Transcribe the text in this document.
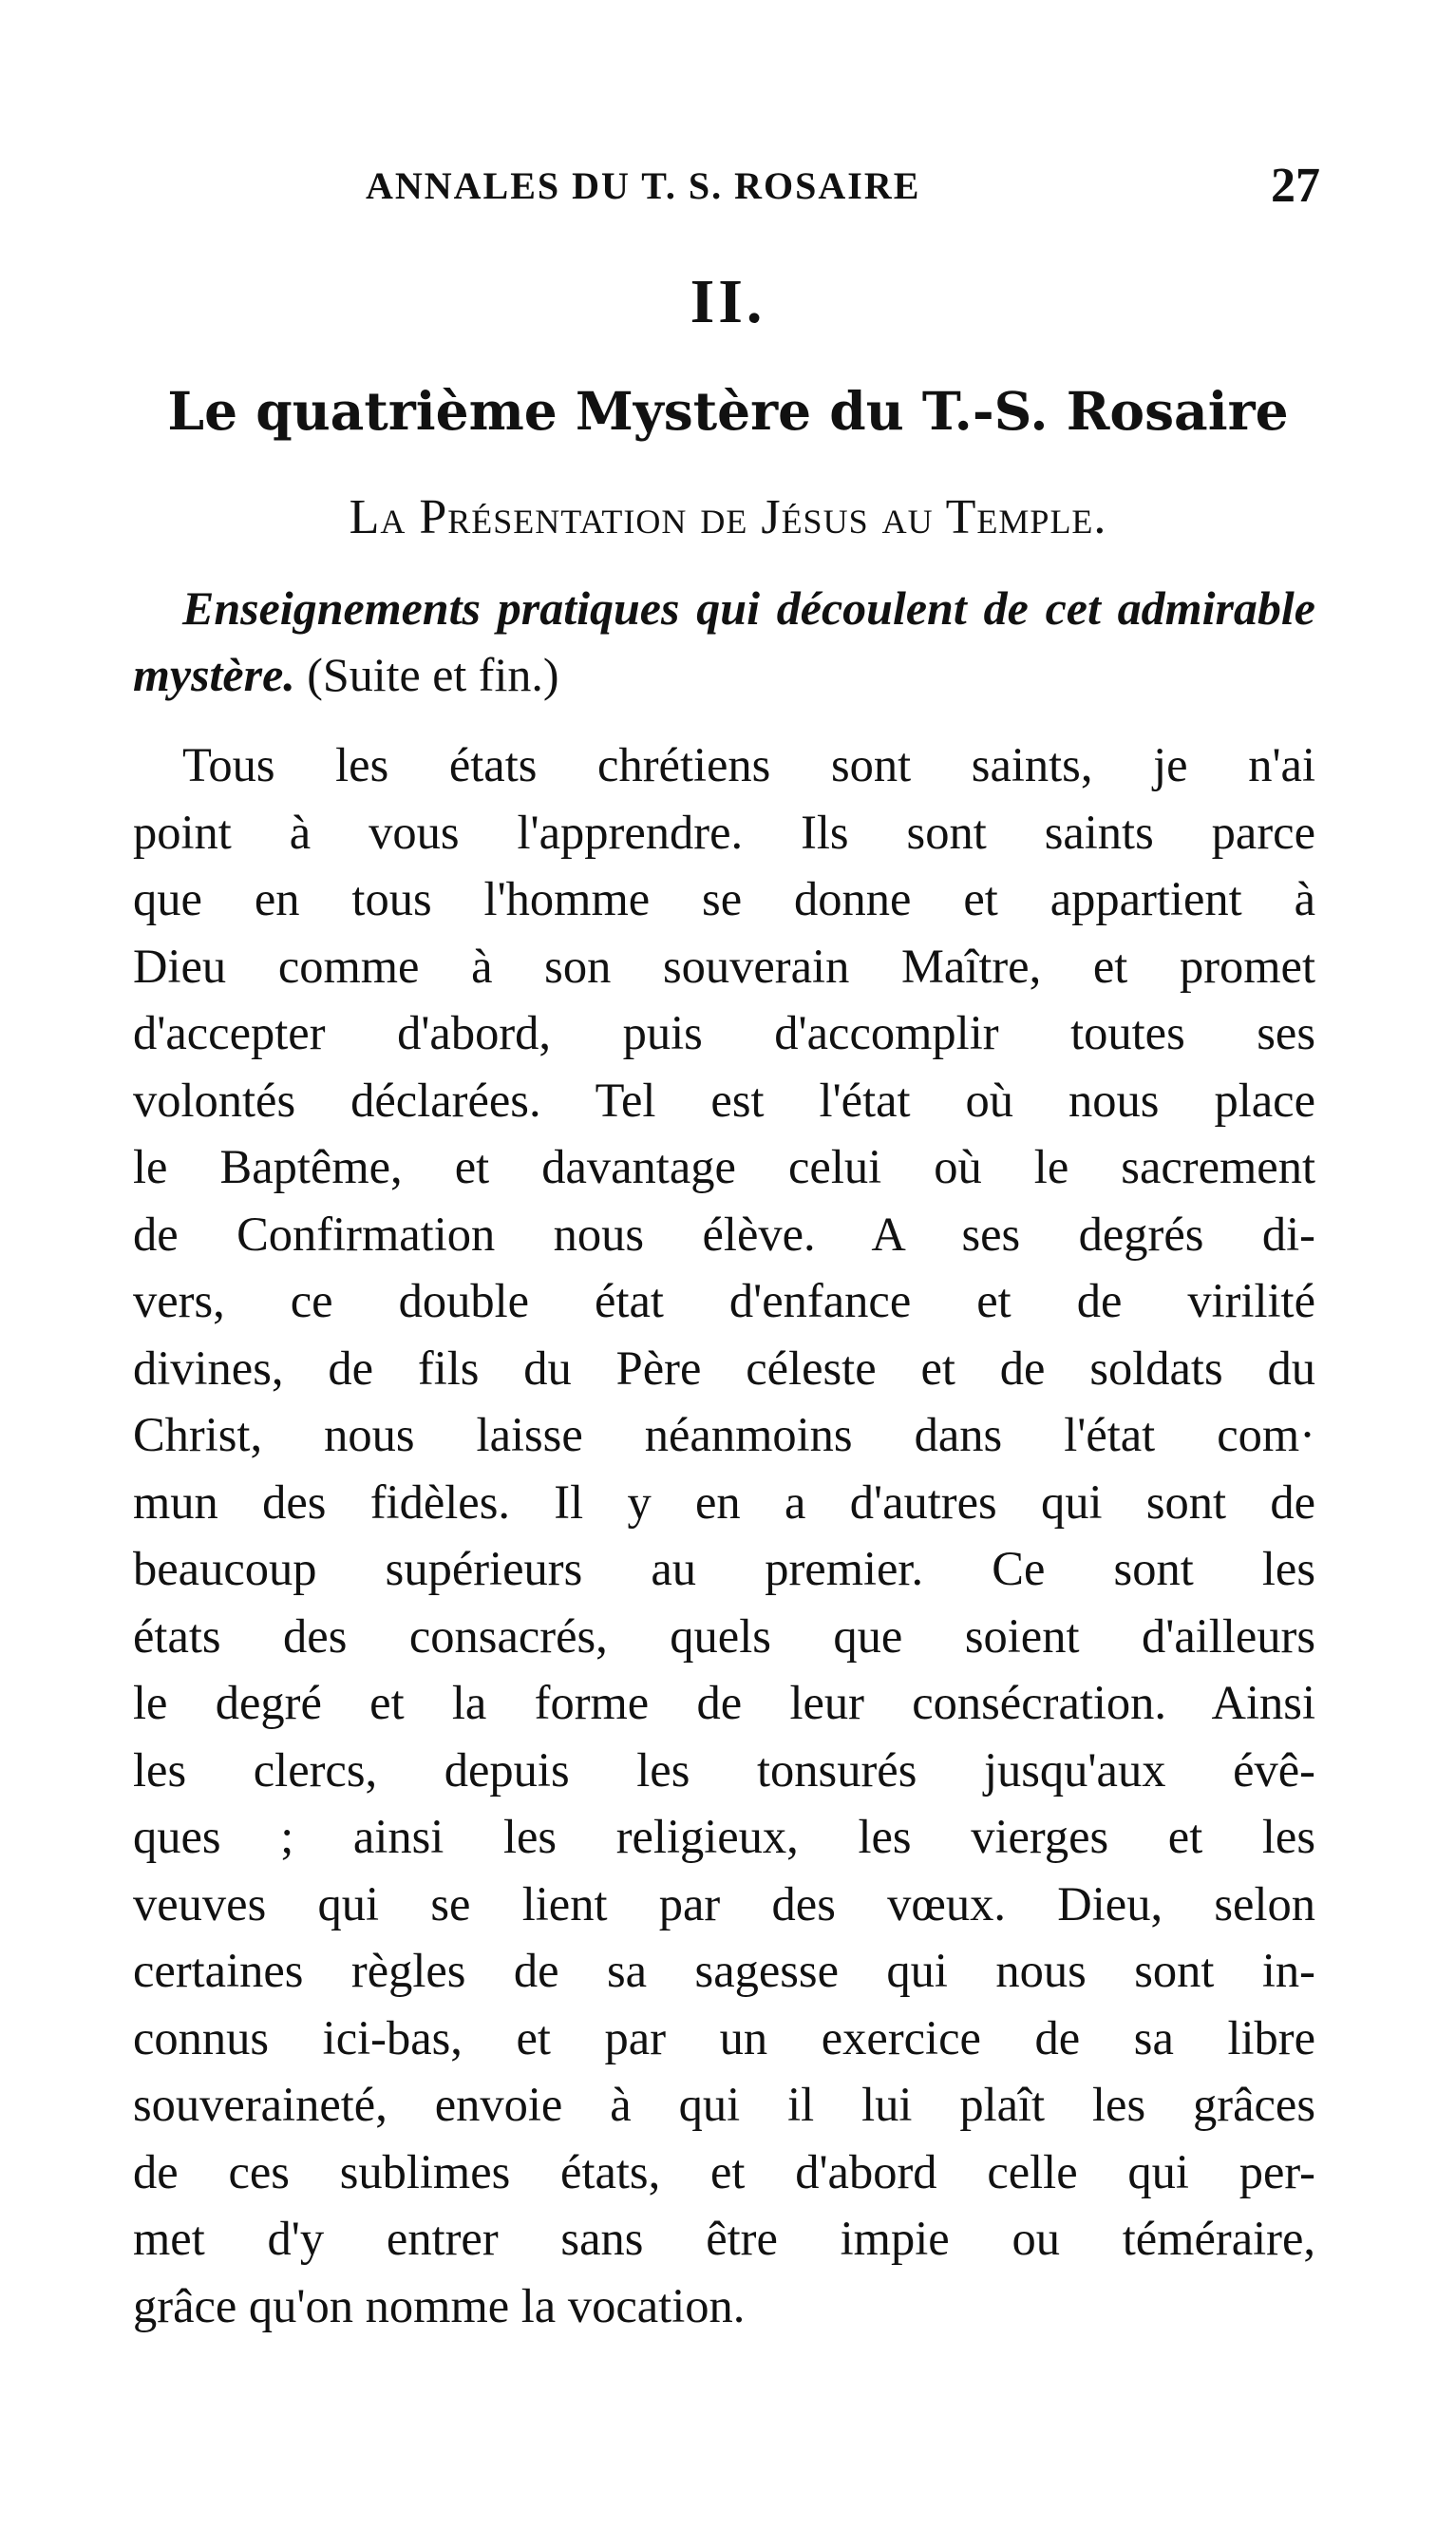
ANNALES DU T. S. ROSAIRE	27
II.
Le quatrième Mystère du T.-S. Rosaire
La Présentation de Jésus au Temple.
Enseignements pratiques qui découlent de cet admirable mystère. (Suite et fin.)
Tous les états chrétiens sont saints, je n'ai
point à vous l'apprendre. Ils sont saints parce
que en tous l'homme se donne et appartient à
Dieu comme à son souverain Maître, et promet
d'accepter d'abord, puis d'accomplir toutes ses
volontés déclarées. Tel est l'état où nous place
le Baptême, et davantage celui où le sacrement
de Confirmation nous élève. A ses degrés di-
vers, ce double état d'enfance et de virilité
divines, de fils du Père céleste et de soldats du
Christ, nous laisse néanmoins dans l'état com·
mun des fidèles. Il y en a d'autres qui sont de
beaucoup supérieurs au premier. Ce sont les
états des consacrés, quels que soient d'ailleurs
le degré et la forme de leur consécration. Ainsi
les clercs, depuis les tonsurés jusqu'aux évê-
ques ; ainsi les religieux, les vierges et les
veuves qui se lient par des vœux. Dieu, selon
certaines règles de sa sagesse qui nous sont in-
connus ici-bas, et par un exercice de sa libre
souveraineté, envoie à qui il lui plaît les grâces
de ces sublimes états, et d'abord celle qui per-
met d'y entrer sans être impie ou téméraire,
grâce qu'on nomme la vocation.
